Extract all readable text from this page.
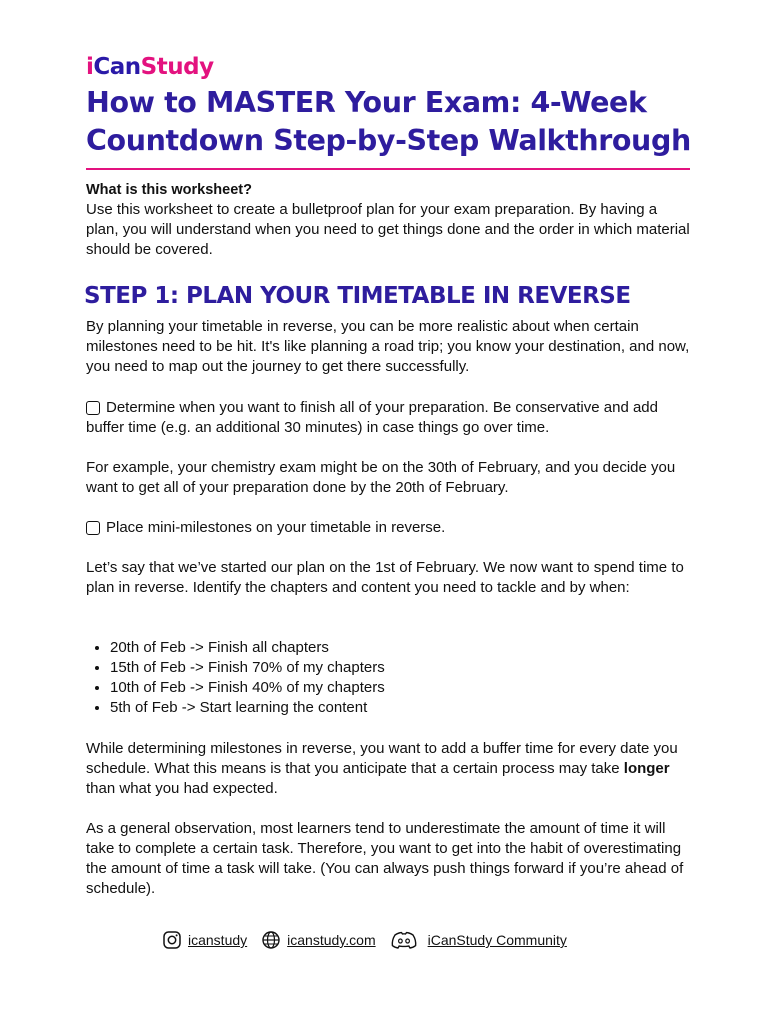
i Can Study
How to MASTER Your Exam: 4-Week Countdown Step-by-Step Walkthrough
What is this worksheet?

Use this worksheet to create a bulletproof plan for your exam preparation. By having a plan, you will understand when you need to get things done and the order in which material should be covered.

STEP 1: PLAN YOUR TIMETABLE IN REVERSE

By planning your timetable in reverse, you can be more realistic about when certain milestones need to be hit. It's like planning a road trip; you know your destination, and now, you need to map out the journey to get there successfully.

Determine when you want to finish all of your preparation. Be conservative and add buffer time (e.g. an additional 30 minutes) in case things go over time.

For example, your chemistry exam might be on the 30th of February, and you decide you want to get all of your preparation done by the 20th of February.

Place mini-milestones on your timetable in reverse.

Let’s say that we’ve started our plan on the 1st of February. We now want to spend time to plan in reverse. Identify the chapters and content you need to tackle and by when:

• 20th of Feb -> Finish all chapters
• 15th of Feb -> Finish 70% of my chapters
• 10th of Feb -> Finish 40% of my chapters
• 5th of Feb -> Start learning the content

While determining milestones in reverse, you want to add a buffer time for every date you schedule. What this means is that you anticipate that a certain process may take longer than what you had expected.

As a general observation, most learners tend to underestimate the amount of time it will take to complete a certain task. Therefore, you want to get into the habit of overestimating the amount of time a task will take. (You can always push things forward if you’re ahead of schedule).

icanstudy	icanstudy.com	iCanStudy Community
